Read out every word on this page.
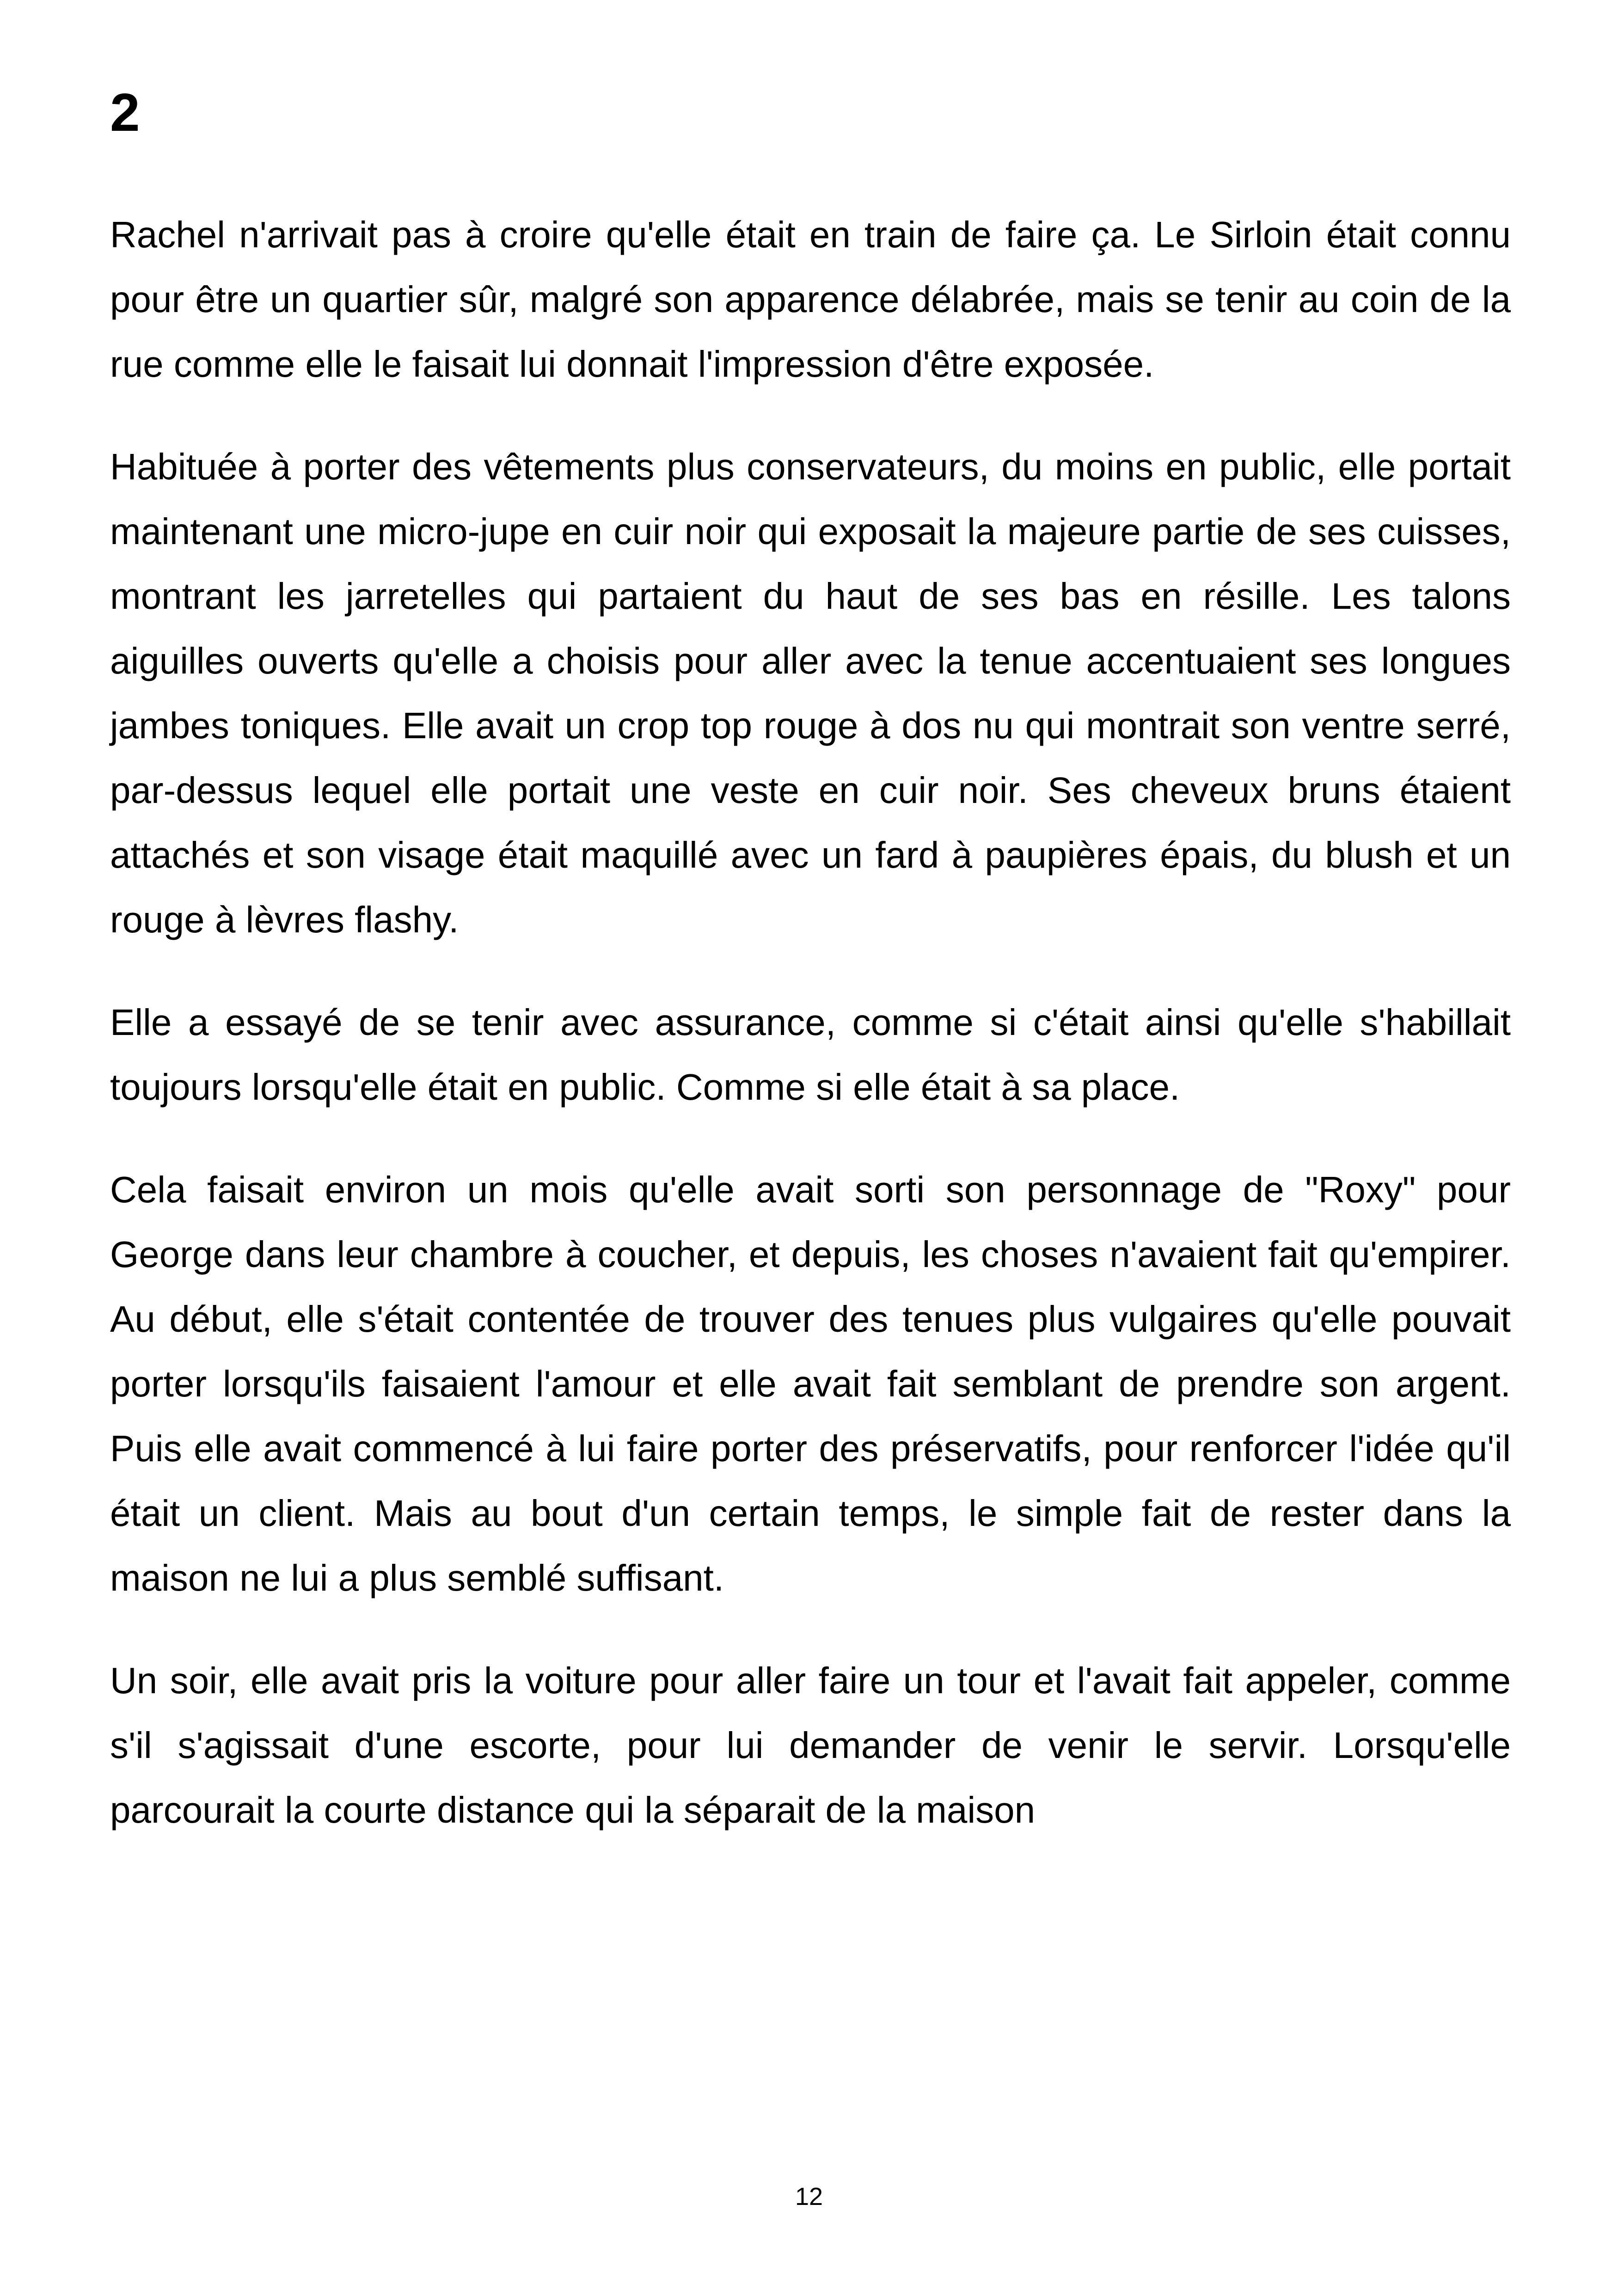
2

Rachel n'arrivait pas à croire qu'elle était en train de faire ça. Le Sirloin était connu pour être un quartier sûr, malgré son apparence délabrée, mais se tenir au coin de la rue comme elle le faisait lui donnait l'impression d'être exposée.

Habituée à porter des vêtements plus conservateurs, du moins en public, elle portait maintenant une micro-jupe en cuir noir qui exposait la majeure partie de ses cuisses, montrant les jarretelles qui partaient du haut de ses bas en résille. Les talons aiguilles ouverts qu'elle a choisis pour aller avec la tenue accentuaient ses longues jambes toniques. Elle avait un crop top rouge à dos nu qui montrait son ventre serré, par-dessus lequel elle portait une veste en cuir noir. Ses cheveux bruns étaient attachés et son visage était maquillé avec un fard à paupières épais, du blush et un rouge à lèvres flashy.

Elle a essayé de se tenir avec assurance, comme si c'était ainsi qu'elle s'habillait toujours lorsqu'elle était en public. Comme si elle était à sa place.

Cela faisait environ un mois qu'elle avait sorti son personnage de "Roxy" pour George dans leur chambre à coucher, et depuis, les choses n'avaient fait qu'empirer. Au début, elle s'était contentée de trouver des tenues plus vulgaires qu'elle pouvait porter lorsqu'ils faisaient l'amour et elle avait fait semblant de prendre son argent. Puis elle avait commencé à lui faire porter des préservatifs, pour renforcer l'idée qu'il était un client. Mais au bout d'un certain temps, le simple fait de rester dans la maison ne lui a plus semblé suffisant.

Un soir, elle avait pris la voiture pour aller faire un tour et l'avait fait appeler, comme s'il s'agissait d'une escorte, pour lui demander de venir le servir. Lorsqu'elle parcourait la courte distance qui la séparait de la maison

12
